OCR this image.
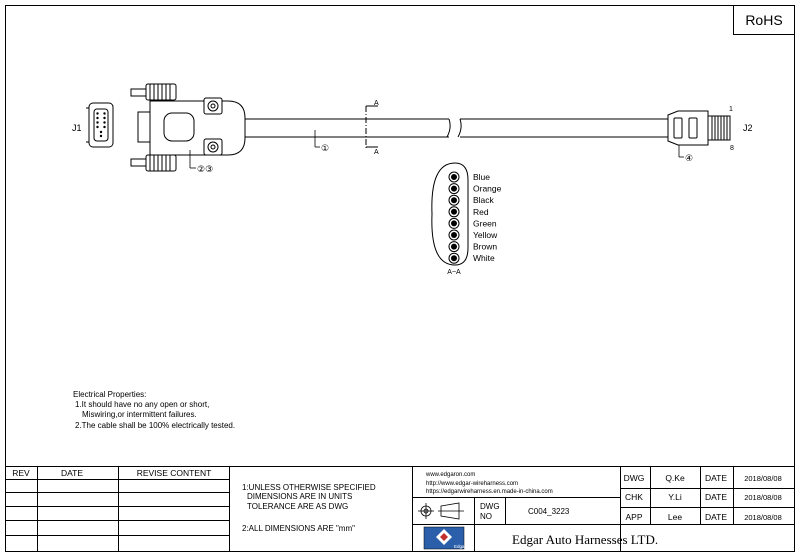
RoHS
J1
A
A
①
②③
④
1
8
J2
A~A
Blue
Orange
Black
Red
Green
Yellow
Brown
White
Electrical Properties:
1.It should have no any open or short,
Miswiring,or intermittent failures.
2.The cable shall be 100% electrically tested.
REV	DATE	REVISE CONTENT
1:UNLESS OTHERWISE SPECIFIED
DIMENSIONS ARE IN UNITS
TOLERANCE ARE AS DWG
2:ALL DIMENSIONS ARE "mm"
www.edgaron.com
http://www.edgar-wireharness.com
https://edgarwireharness.en.made-in-china.com
DWG
NO
C004_3223
Edgar	Edgar Auto Harnesses LTD.
DWG Q.Ke DATE 2018/08/08
CHK	Y.Li	DATE 2018/08/08
APP	Lee	DATE 2018/08/08
